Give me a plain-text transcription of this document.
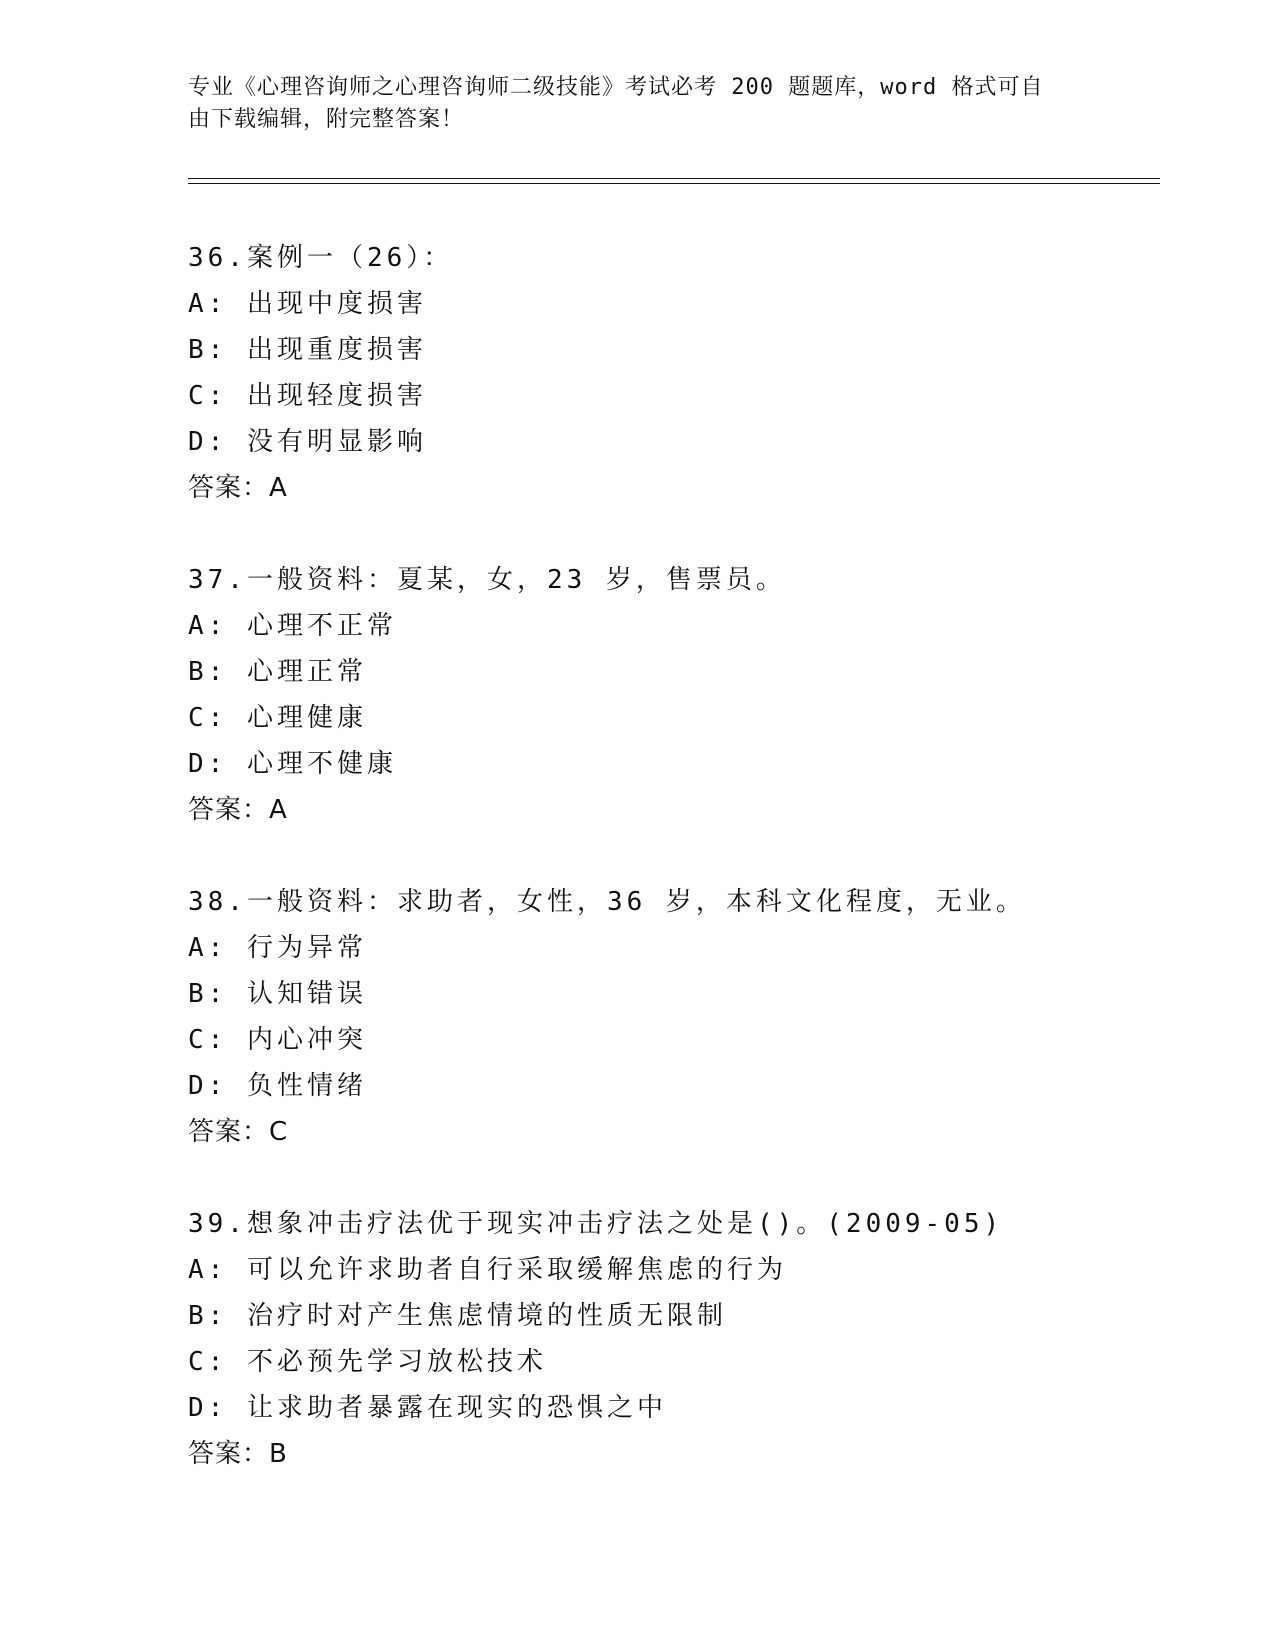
专业《心理咨询师之心理咨询师二级技能》考试必考 200 题题库，word 格式可自
由下载编辑，附完整答案！
36.案例一（26）：
A: 出现中度损害
B: 出现重度损害
C: 出现轻度损害
D: 没有明显影响
答案：A
37.一般资料：夏某，女，23 岁，售票员。
A: 心理不正常
B: 心理正常
C: 心理健康
D: 心理不健康
答案：A
38.一般资料：求助者，女性，36 岁，本科文化程度，无业。
A: 行为异常
B: 认知错误
C: 内心冲突
D: 负性情绪
答案：C
39.想象冲击疗法优于现实冲击疗法之处是()。(2009-05)
A: 可以允许求助者自行采取缓解焦虑的行为
B: 治疗时对产生焦虑情境的性质无限制
C: 不必预先学习放松技术
D: 让求助者暴露在现实的恐惧之中
答案：B
